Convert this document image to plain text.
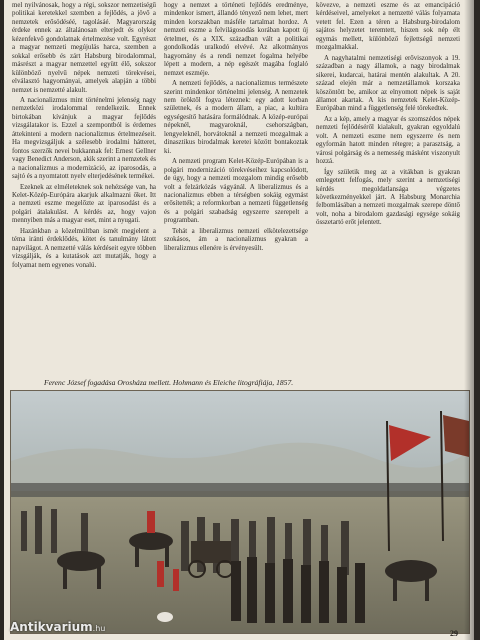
mel nyilvánosak, hogy a régi, sokszor nemzetiségű politikai keretekkel szemben a fejlődés, a jövő a nemzetek erősödéséé, tagolásáé. Magyarország érdeke ennek az általánosan elterjedt és olykor kézenfekvő gondolatnak értelmezése volt. Egyrészt a magyar nemzeti megújulás harca, szemben a sokkal erősebb és zárt Habsburg birodalommal, másrészt a magyar nemzettel együtt élő, sokszor különböző nyelvű népek nemzeti törekvései, elválasztó hagyományai, amelyek alapján a többi nemzet is nemzetté alakult.

A nacionalizmus mint történelmi jelenség nagy nemzetközi irodalommal rendelkezik. Ennek birtokában kívánjuk a magyar fejlődés vizsgálatakor is. Ezzel a szempontból is érdemes áttekinteni a modern nacionalizmus értelmezéseit. Ha megvizsgáljuk a szélesebb irodalmi hátteret, fontos szerzők nevei bukkannak fel: Ernest Gellner vagy Benedict Anderson, akik szerint a nemzetek és a nacionalizmus a modernizáció, az iparosodás, a sajtó és a nyomtatott nyelv elterjedésének termékei.

Ezeknek az elméleteknek sok nehézsége van, ha Kelet-Közép-Európára akarjuk alkalmazni őket. Itt a nemzeti eszme megelőzte az iparosodást és a polgári átalakulást. A kérdés az, hogy vajon mennyiben más a magyar eset, mint a nyugati.

Hazánkban a közelmúltban ismét megjelent a téma iránti érdeklődés, kötet és tanulmány látott napvilágot. A nemzetté válás kérdéseit egyre többen vizsgálják, és a kutatások azt mutatják, hogy a folyamat nem egyenes vonalú.

hogy a nemzet a történeti fejlődés eredménye, mindenkor ismert, állandó tényező nem lehet, mert minden korszakban másféle tartalmat hordoz. A nemzeti eszme a felvilágosodás korában kapott új értelmet, és a XIX. században vált a politikai gondolkodás uralkodó elvévé. Az alkotmányos hagyomány és a rendi nemzet fogalma helyébe lépett a modern, a nép egészét magába foglaló nemzet eszméje.

A nemzeti fejlődés, a nacionalizmus természete szerint mindenkor történelmi jelenség. A nemzetek nem öröktől fogva léteznek: egy adott korban születnek, és a modern állam, a piac, a kultúra egységesítő hatására formálódnak. A közép-európai népeknél, magyaroknál, csehországban, lengyeleknél, horvátoknál a nemzeti mozgalmak a dinasztikus birodalmak keretei között bontakoztak ki.

A nemzeti program Kelet-Közép-Európában is a polgári modernizáció törekvéseihez kapcsolódott, de úgy, hogy a nemzeti mozgalom mindig erősebb volt a felzárkózás vágyánál. A liberalizmus és a nacionalizmus ebben a térségben sokáig egymást erősítették; a reformkorban a nemzeti függetlenség és a polgári szabadság egyszerre szerepelt a programban.

Tehát a liberalizmus nemzeti elkötelezettsége szokásos, ám a nacionalizmus gyakran a liberalizmus ellenére is érvényesült.

kövezve, a nemzeti eszme és az emancipáció kérdéseivel, amelyeket a nemzetté válás folyamata vetett fel. Ezen a téren a Habsburg-birodalom sajátos helyzetet teremtett, hiszen sok nép élt egymás mellett, különböző fejlettségű nemzeti mozgalmakkal.

A nagyhatalmi nemzetiségi erőviszonyok a 19. században a nagy államok, a nagy birodalmak sikerei, kudarcai, határai mentén alakultak. A 20. század elején már a nemzetállamok korszaka köszöntött be, amikor az elnyomott népek is saját államot akartak. A kis nemzetek Kelet-Közép-Európában mind a függetlenség felé törekedtek.

Az a kép, amely a magyar és szomszédos népek nemzeti fejlődéséről kialakult, gyakran egyoldalú volt. A nemzeti eszme nem egyszerre és nem egyformán hatott minden rétegre; a parasztság, a városi polgárság és a nemesség másként viszonyult hozzá.

Így születik meg az a vitákban is gyakran emlegetett felfogás, mely szerint a nemzetiségi kérdés megoldatlansága végzetes következményekkel járt. A Habsburg Monarchia felbomlásában a nemzeti mozgalmak szerepe döntő volt, noha a birodalom gazdasági egysége sokáig összetartó erőt jelentett.

Ferenc József fogadása Orosháza mellett. Hohmann és Eleiche litográfiája, 1857.
29
Antikvarium.hu
